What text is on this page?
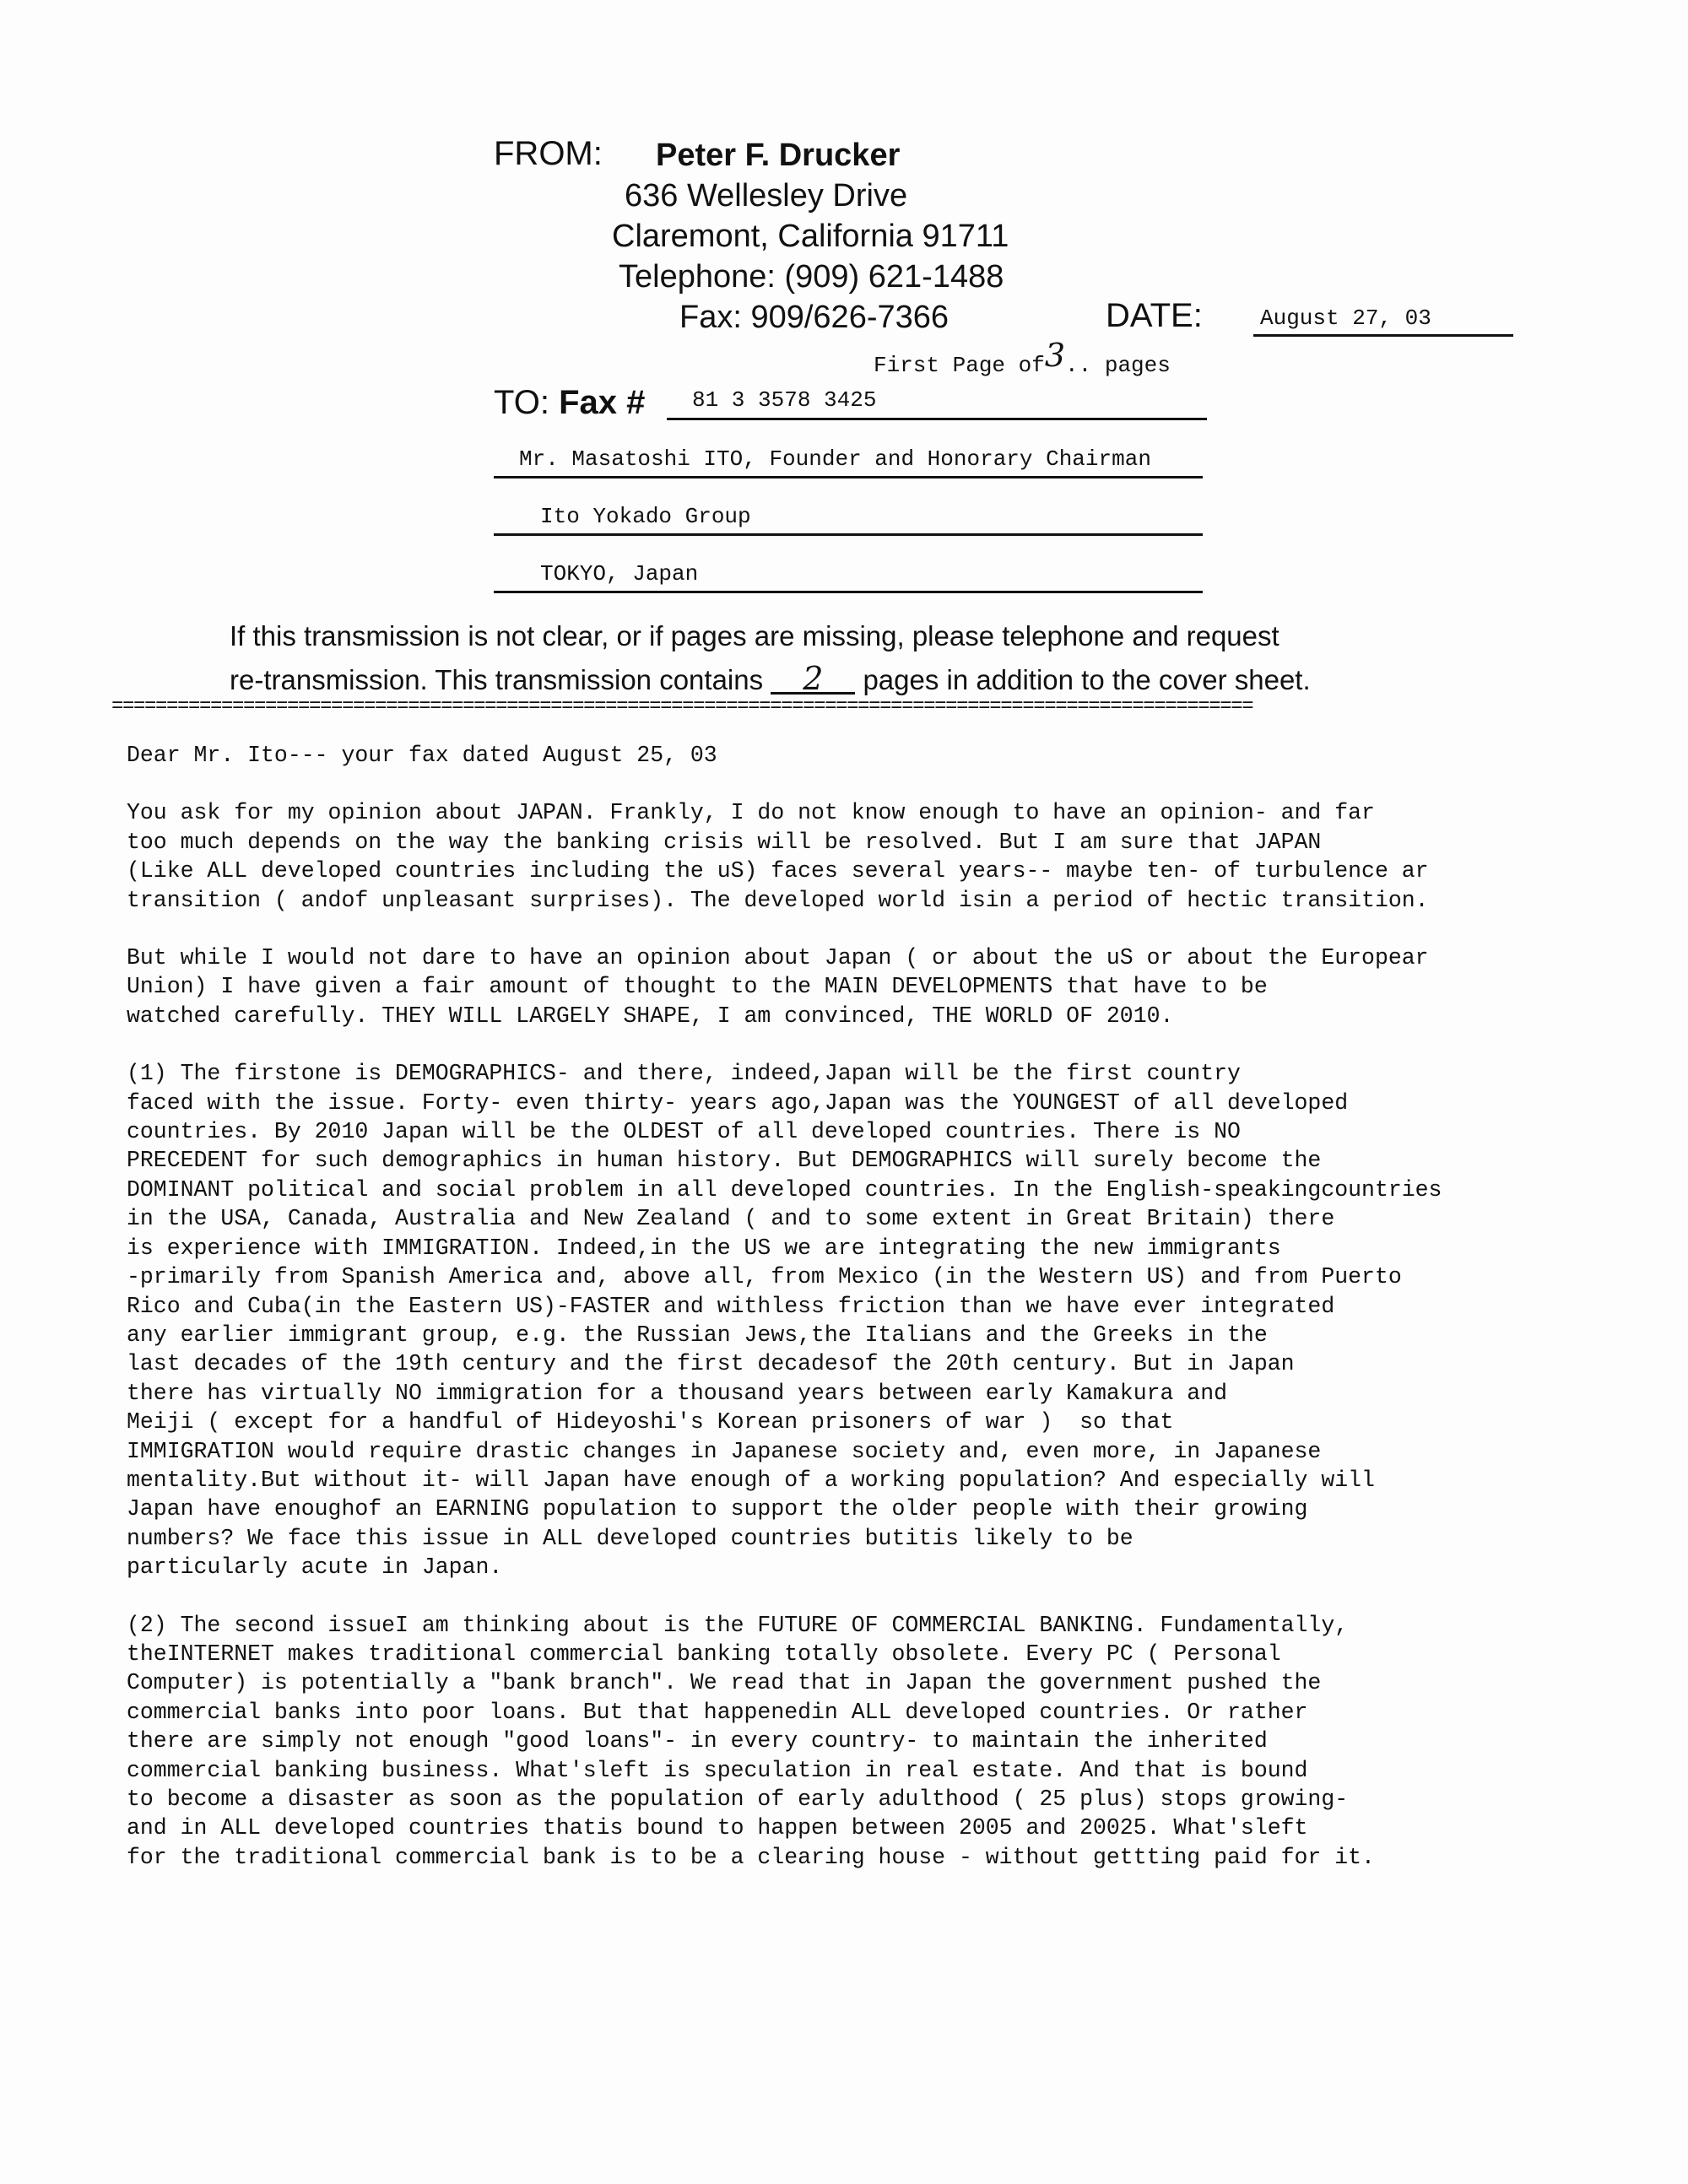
FROM:	Peter F. Drucker
636 Wellesley Drive
Claremont, California 91711
Telephone: (909) 621-1488
Fax: 909/626-7366	DATE:	August 27, 03
First Page of3.. pages
TO: Fax #	81 3 3578 3425
Mr. Masatoshi ITO, Founder and Honorary Chairman
Ito Yokado Group
TOKYO, Japan
If this transmission is not clear, or if pages are missing, please telephone and request
re-transmission. This transmission contains 2 pages in addition to the cover sheet.
========================================================================================================

Dear Mr. Ito--- your fax dated August 25, 03

You ask for my opinion about JAPAN. Frankly, I do not know enough to have an opinion- and far

too much depends on the way the banking crisis will be resolved. But I am sure that JAPAN

(Like ALL developed countries including the uS) faces several years-- maybe ten- of turbulence ar

transition ( andof unpleasant surprises). The developed world isin a period of hectic transition.

But while I would not dare to have an opinion about Japan ( or about the uS or about the Europear

Union) I have given a fair amount of thought to the MAIN DEVELOPMENTS that have to be

watched carefully. THEY WILL LARGELY SHAPE, I am convinced, THE WORLD OF 2010.

(1) The firstone is DEMOGRAPHICS- and there, indeed,Japan will be the first country

faced with the issue. Forty- even thirty- years ago,Japan was the YOUNGEST of all developed

countries. By 2010 Japan will be the OLDEST of all developed countries. There is NO

PRECEDENT for such demographics in human history. But DEMOGRAPHICS will surely become the

DOMINANT political and social problem in all developed countries. In the English-speakingcountries

in the USA, Canada, Australia and New Zealand ( and to some extent in Great Britain) there

is experience with IMMIGRATION. Indeed,in the US we are integrating the new immigrants

-primarily from Spanish America and, above all, from Mexico (in the Western US) and from Puerto

Rico and Cuba(in the Eastern US)-FASTER and withless friction than we have ever integrated

any earlier immigrant group, e.g. the Russian Jews,the Italians and the Greeks in the

last decades of the 19th century and the first decadesof the 20th century. But in Japan

there has virtually NO immigration for a thousand years between early Kamakura and

Meiji ( except for a handful of Hideyoshi's Korean prisoners of war )  so that

IMMIGRATION would require drastic changes in Japanese society and, even more, in Japanese

mentality.But without it- will Japan have enough of a working population? And especially will

Japan have enoughof an EARNING population to support the older people with their growing

numbers? We face this issue in ALL developed countries butitis likely to be

particularly acute in Japan.

(2) The second issueI am thinking about is the FUTURE OF COMMERCIAL BANKING. Fundamentally,

theINTERNET makes traditional commercial banking totally obsolete. Every PC ( Personal

Computer) is potentially a "bank branch". We read that in Japan the government pushed the

commercial banks into poor loans. But that happenedin ALL developed countries. Or rather

there are simply not enough "good loans"- in every country- to maintain the inherited

commercial banking business. What'sleft is speculation in real estate. And that is bound

to become a disaster as soon as the population of early adulthood ( 25 plus) stops growing-

and in ALL developed countries thatis bound to happen between 2005 and 20025. What'sleft

for the traditional commercial bank is to be a clearing house - without gettting paid for it.
